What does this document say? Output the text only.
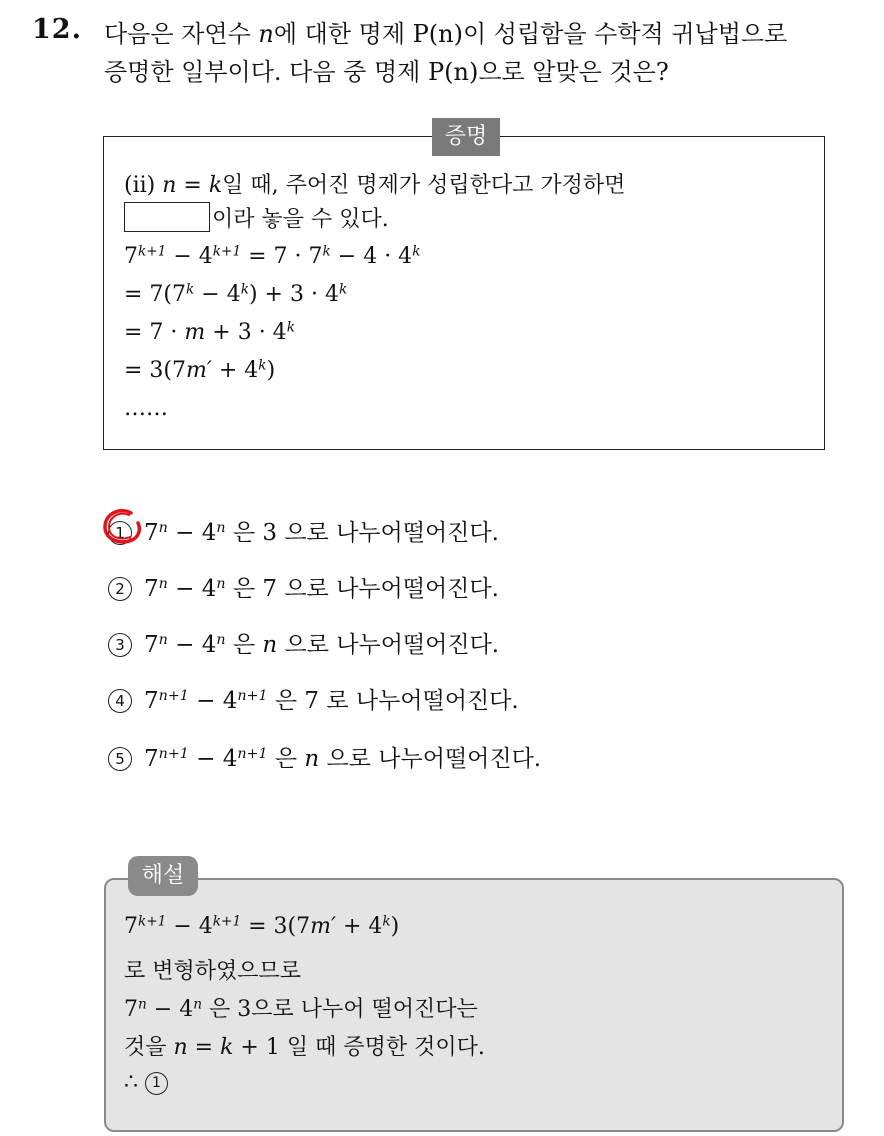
12. 다음은 자연수 n에 대한 명제 P(n)이 성립함을 수학적 귀납법으로
증명한 일부이다. 다음 중 명제 P(n)으로 알맞은 것은?
증명
(ii) n = k일 때, 주어진 명제가 성립한다고 가정하면
이라 놓을 수 있다.
$7^{k+1} - 4^{k+1} = 7 \cdot 7^k - 4 \cdot 4^k$
= $7(7^k - 4^k) + 3 \cdot 4^k$
= $7 \cdot m + 3 \cdot 4^k$
= $3(7m' + 4^k)$
……
1 $7^n - 4^n$ 은 3 으로 나누어떨어진다.
2 $7^n - 4^n$ 은 7 으로 나누어떨어진다.
3 $7^n - 4^n$ 은 n 으로 나누어떨어진다.
4 $7^{n+1} - 4^{n+1}$ 은 7 로 나누어떨어진다.
5 $7^{n+1} - 4^{n+1}$ 은 n 으로 나누어떨어진다.
해설
$7^{k+1} - 4^{k+1} = 3(7m' + 4^k)$
로 변형하였으므로
$7^n - 4^n$ 은 3으로 나누어 떨어진다는
것을 n = k + 1 일 때 증명한 것이다.
∴ 1
